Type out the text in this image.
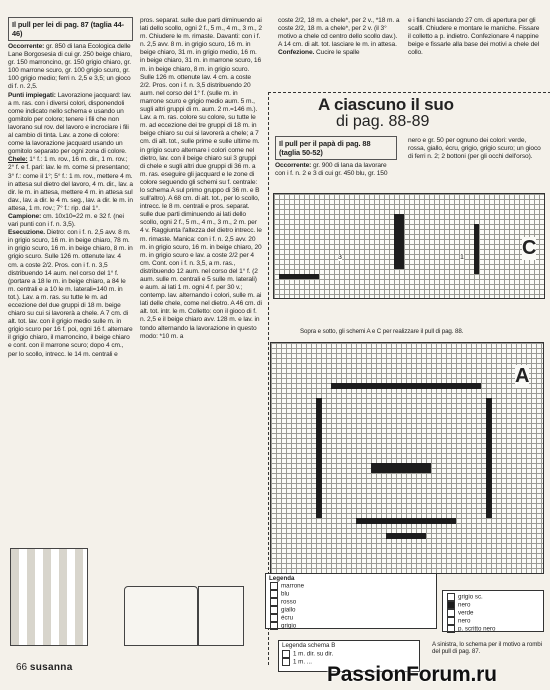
Il pull per lei di pag. 87 (taglia 44-46)

Occorrente: gr. 850 di lana Ecologica delle Lane Borgosesia di cui gr. 250 beige chiaro, gr. 150 marroncino, gr. 150 grigio chiaro, gr. 100 marrone scuro, gr. 100 grigio scuro, gr. 100 grigio medio; ferri n. 2,5 e 3,5; un gioco di f. n. 2,5.

Punti impiegati: Lavorazione jacquard: lav. a m. ras. con i diversi colori, disponendoli come indicato nello schema e usando un gomitolo per colore; tenere i fili che non lavorano sul rov. del lavoro e incrociare i fili al cambio di tinta. Lav. a zone di colore: come la lavorazione jacquard usando un gomitolo separato per ogni zona di colore.

Chele: 1° f.: 1 m. rov., 16 m. dir., 1 m. rov.; 2° f. e f. pari: lav. le m. come si presentano; 3° f.: come il 1°; 5° f.: 1 m. rov., mettere 4 m. in attesa sul dietro del lavoro, 4 m. dir., lav. a dir. le m. in attesa, mettere 4 m. in attesa sul dav., lav. a dir. le 4 m. seg., lav. a dir. le m. in attesa, 1 m. rov.; 7° f.: rip. dal 1°.

Campione: cm. 10x10=22 m. e 32 f. (nei vari punti con i f. n. 3,5).

Esecuzione. Dietro: con i f. n. 2,5 avv. 8 m. in grigio scuro, 16 m. in beige chiaro, 78 m. in grigio scuro, 16 m. in beige chiaro, 8 m. in grigio scuro. Sulle 126 m. ottenute lav. 4 cm. a coste 2/2. Pros. con i f. n. 3,5 distribuendo 14 aum. nel corso del 1° f. (portare a 18 le m. in beige chiaro, a 84 le m. centrali e a 10 le m. laterali=140 m. in tot.). Lav. a m. ras. su tutte le m. ad eccezione del due gruppi di 18 m. beige chiaro su cui si lavorerà a chele. A 7 cm. di alt. tot. lav. con il grigio medio sulle m. in grigio scuro per 16 f. poi, ogni 16 f. alternare il grigio chiaro, il marroncino, il beige chiaro e cont. con il marrone scuro; dopo 4 cm., per lo scollo, intrecc. le 14 m. centrali e

pros. separat. sulle due parti diminuendo ai lati dello scollo, ogni 2 f., 5 m., 4 m., 3 m., 2 m. Chiudere le m. rimaste. Davanti: con i f. n. 2,5 avv. 8 m. in grigio scuro, 16 m. in beige chiaro, 31 m. in grigio medio, 16 m. in beige chiaro, 31 m. in marrone scuro, 16 m. in beige chiaro, 8 m. in grigio scuro. Sulle 126 m. ottenute lav. 4 cm. a coste 2/2. Pros. con i f. n. 3,5 distribuendo 20 aum. nel corso del 1° f. (sulle m. in marrone scuro e grigio medio aum. 5 m., sugli altri gruppi di m. aum. 2 m.=146 m.). Lav. a m. ras. colore su colore, su tutte le m. ad eccezione dei tre gruppi di 18 m. in beige chiaro su cui si lavorerà a chele; a 7 cm. di alt. tot., sulle prime e sulle ultime m. in grigio scuro alternare i colori come nel dietro, lav. con il beige chiaro sui 3 gruppi di chele e sugli altri due gruppi di 36 m. a m. ras. eseguire gli jacquard e le zone di colore seguendo gli schemi su f. centrale: lo schema A sul primo gruppo di 36 m. e B sull'altro). A 68 cm. di alt. tot., per lo scollo, intrecc. le 8 m. centrali e pros. separat. sulle due parti diminuendo ai lati dello scollo, ogni 2 f., 5 m., 4 m., 3 m., 2 m. per 4 v. Raggiunta l'altezza del dietro intrecc. le m. rimaste. Manica: con i f. n. 2,5 avv. 20 m. in grigio scuro, 16 m. in beige chiaro, 20 m. in grigio scuro e lav. a coste 2/2 per 4 cm. Cont. con i f. n. 3,5, a m. ras., distribuendo 12 aum. nel corso del 1° f. (2 aum. sulle m. centrali e 5 sulle m. laterali) e aum. ai lati 1 m. ogni 4 f. per 30 v.; contemp. lav. alternando i colori, sulle m. ai lati delle chele, come nel dietro. A 46 cm. di alt. tot. intr. le m. Colletto: con il gioco di f. n. 2,5 e il beige chiaro avv. 128 m. e lav. in tondo alternando la lavorazione in questo modo: *10 m. a

coste 2/2, 18 m. a chele*, per 2 v., *18 m. a coste 2/2, 18 m. a chele*, per 2 v. (il 3° motivo a chele cd centro dello scollo dav.). A 14 cm. di alt. tot. lasciare le m. in attesa. Confezione. Cucire le spalle

e i fianchi lasciando 27 cm. di apertura per gli scalfi. Chiudere e montare le maniche. Fissare il colletto a p. indietro. Confezionare 4 nappine beige e fissarle alla base dei motivi a chele del collo.

A ciascuno il suo
di pag. 88-89
Il pull per il papà di pag. 88 (taglia 50-52)

Occorrente: gr. 900 di lana da lavorare con i f. n. 2 e 3 di cui gr. 450 blu, gr. 150

nero e gr. 50 per ognuno dei colori: verde, rossa, giallo, écru, grigio, grigio scuro; un gioco di ferri n. 2; 2 bottoni (per gli occhi dell'orso).

C
3	1
Sopra e sotto, gli schemi A e C per realizzare il pull di pag. 88.
A
Legenda
marrone
blu
rosso
giallo
écru
grigio
grigio sc.
nero
verde
nero
p. scritto nero
Legenda schema B
1 m. dir. su dir.
1 m. ...
A sinistra, lo schema per il motivo a rombi del pull di pag. 87.
66 susanna	PassionForum.ru
